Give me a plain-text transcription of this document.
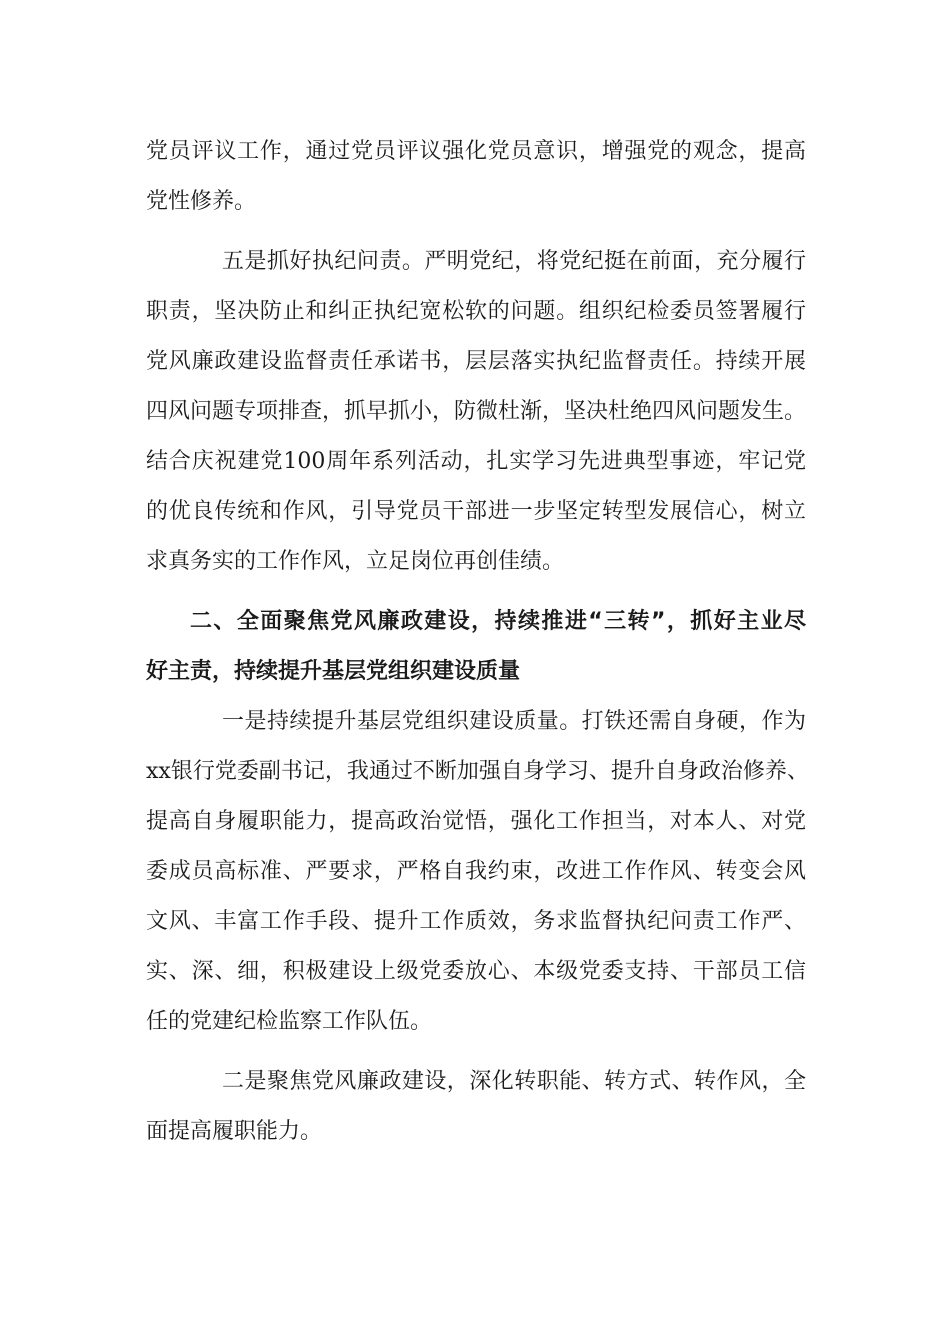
党员评议工作，通过党员评议强化党员意识，增强党的观念，提高
党性修养。
五是抓好执纪问责。严明党纪，将党纪挺在前面，充分履行
职责，坚决防止和纠正执纪宽松软的问题。组织纪检委员签署履行
党风廉政建设监督责任承诺书，层层落实执纪监督责任。持续开展
四风问题专项排查，抓早抓小，防微杜渐，坚决杜绝四风问题发生。
结合庆祝建党100周年系列活动，扎实学习先进典型事迹，牢记党
的优良传统和作风，引导党员干部进一步坚定转型发展信心，树立
求真务实的工作作风，立足岗位再创佳绩。
二、全面聚焦党风廉政建设，持续推进“三转”，抓好主业尽
好主责，持续提升基层党组织建设质量
一是持续提升基层党组织建设质量。打铁还需自身硬，作为
xx银行党委副书记，我通过不断加强自身学习、提升自身政治修养、
提高自身履职能力，提高政治觉悟，强化工作担当，对本人、对党
委成员高标准、严要求，严格自我约束，改进工作作风、转变会风
文风、丰富工作手段、提升工作质效，务求监督执纪问责工作严、
实、深、细，积极建设上级党委放心、本级党委支持、干部员工信
任的党建纪检监察工作队伍。
二是聚焦党风廉政建设，深化转职能、转方式、转作风，全
面提高履职能力。
